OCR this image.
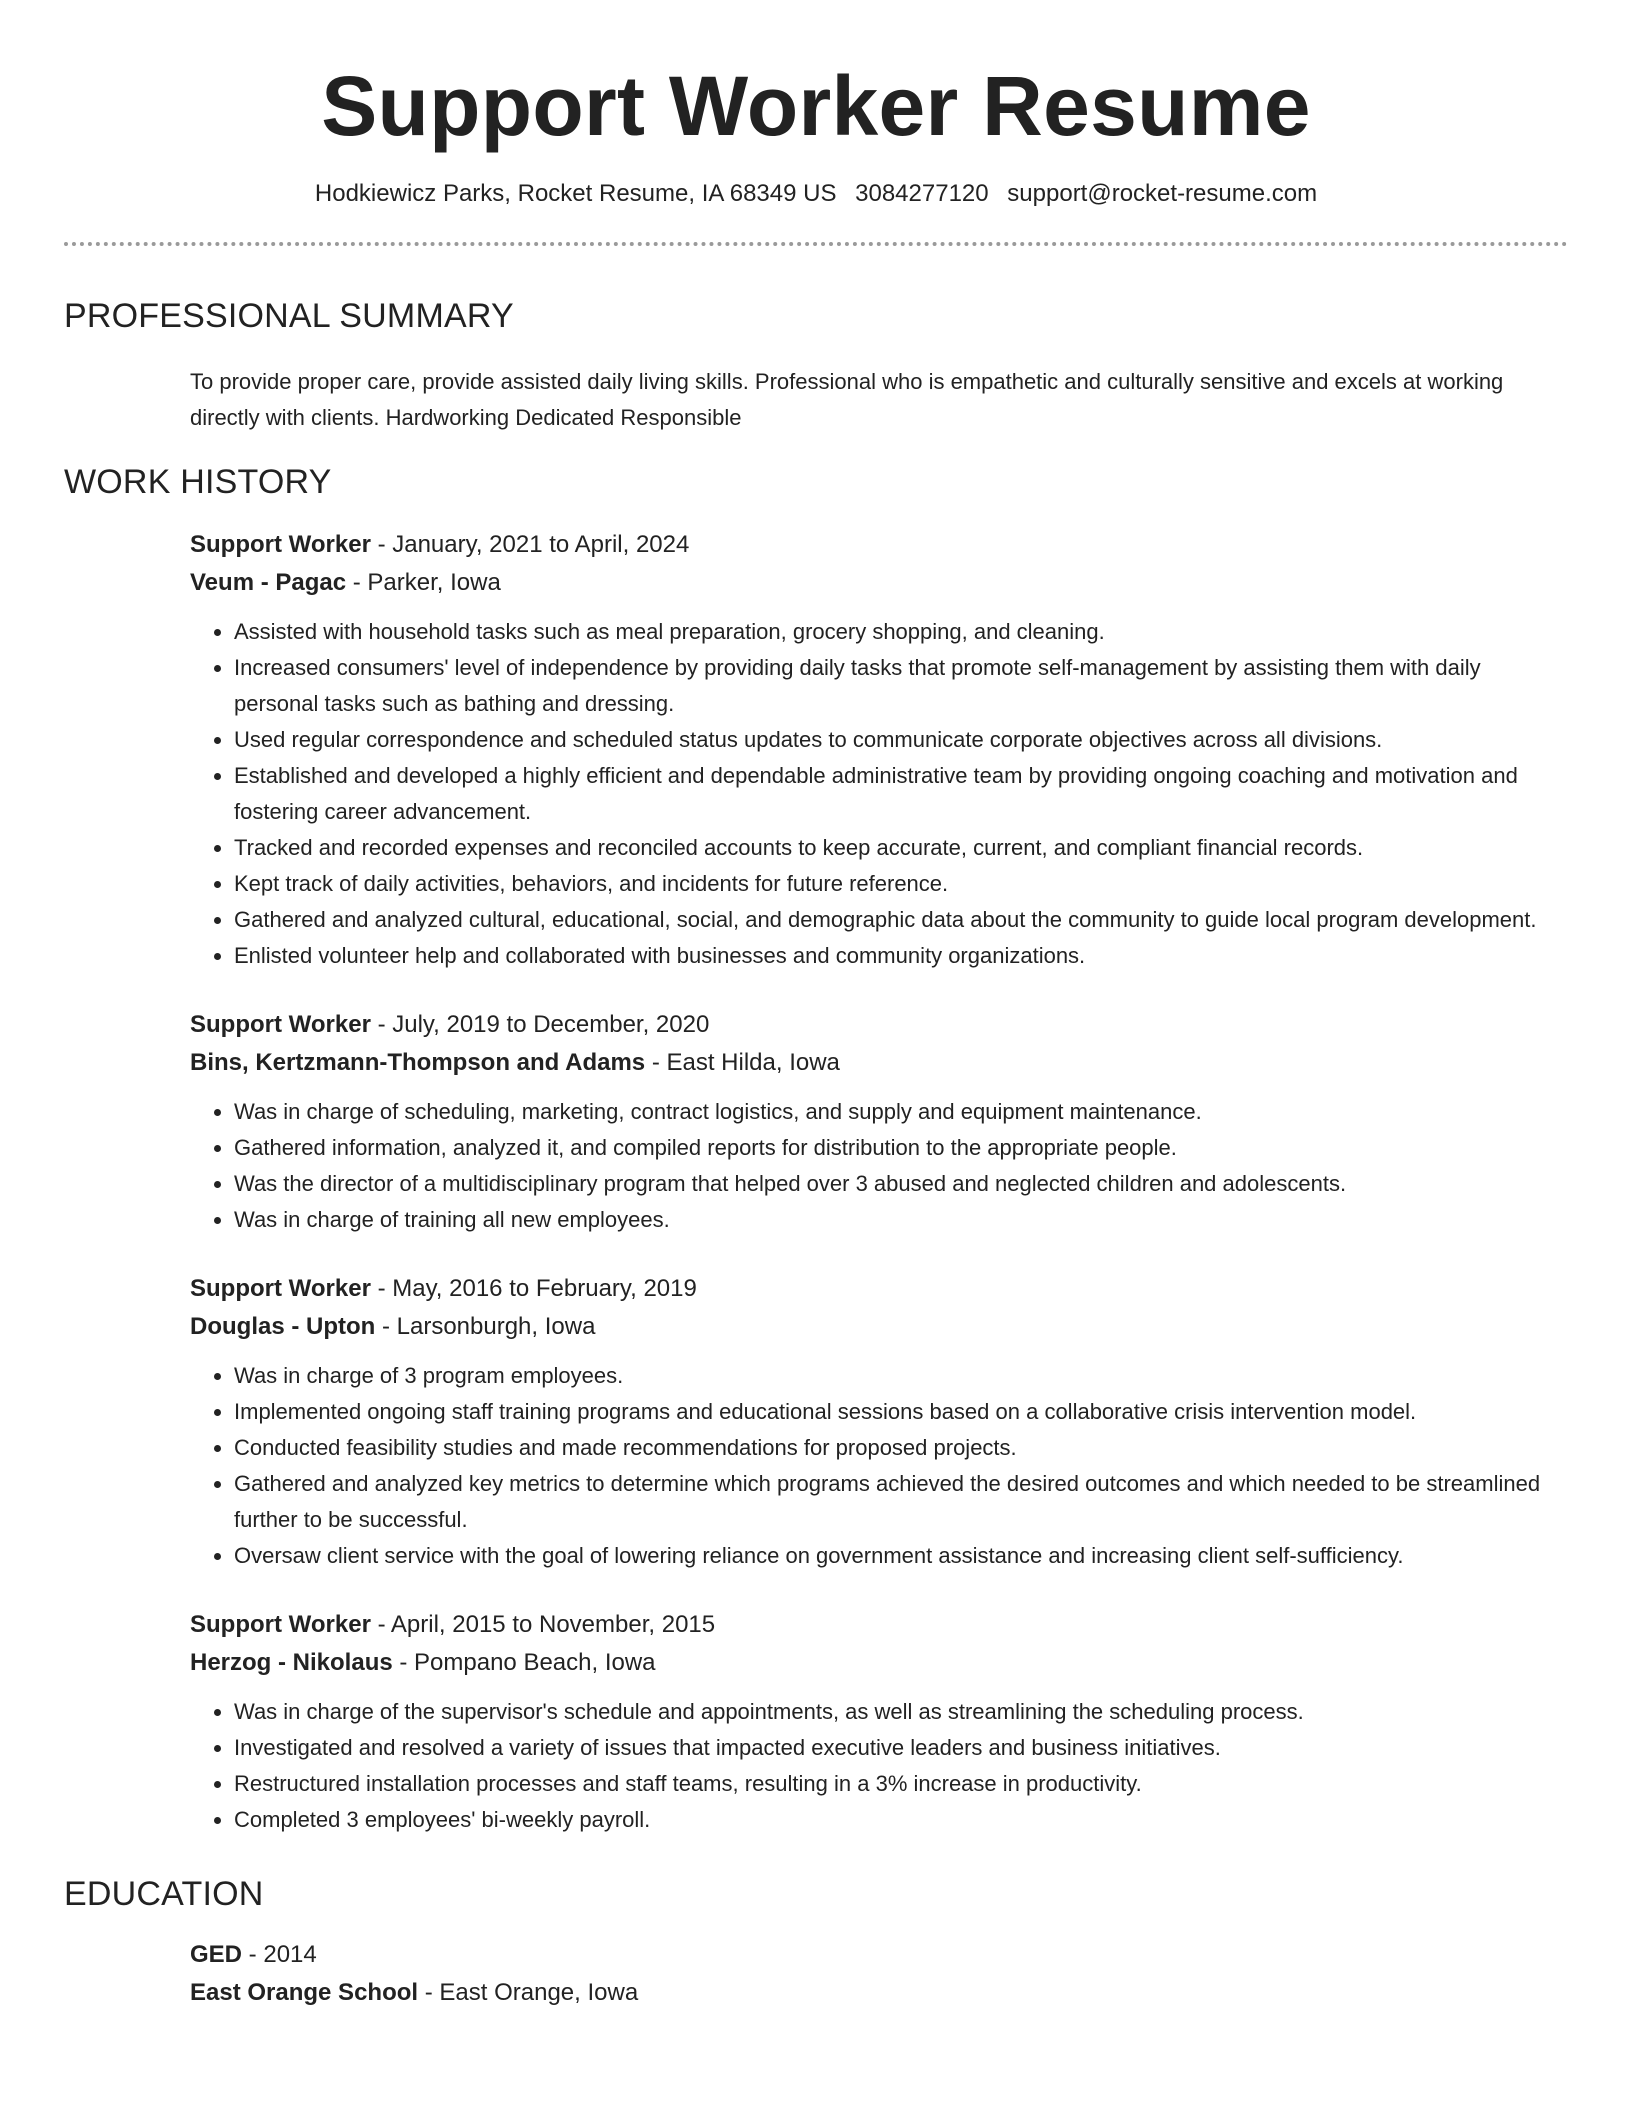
Support Worker Resume
Hodkiewicz Parks, Rocket Resume, IA 68349 US 3084277120 support@rocket-resume.com
PROFESSIONAL SUMMARY
To provide proper care, provide assisted daily living skills. Professional who is empathetic and culturally sensitive and excels at working directly with clients. Hardworking Dedicated Responsible
WORK HISTORY
Support Worker - January, 2021 to April, 2024
Veum - Pagac - Parker, Iowa
• Assisted with household tasks such as meal preparation, grocery shopping, and cleaning.
• Increased consumers' level of independence by providing daily tasks that promote self-management by assisting them with daily personal tasks such as bathing and dressing.
• Used regular correspondence and scheduled status updates to communicate corporate objectives across all divisions.
• Established and developed a highly efficient and dependable administrative team by providing ongoing coaching and motivation and fostering career advancement.
• Tracked and recorded expenses and reconciled accounts to keep accurate, current, and compliant financial records.
• Kept track of daily activities, behaviors, and incidents for future reference.
• Gathered and analyzed cultural, educational, social, and demographic data about the community to guide local program development.
• Enlisted volunteer help and collaborated with businesses and community organizations.
Support Worker - July, 2019 to December, 2020
Bins, Kertzmann-Thompson and Adams - East Hilda, Iowa
• Was in charge of scheduling, marketing, contract logistics, and supply and equipment maintenance.
• Gathered information, analyzed it, and compiled reports for distribution to the appropriate people.
• Was the director of a multidisciplinary program that helped over 3 abused and neglected children and adolescents.
• Was in charge of training all new employees.
Support Worker - May, 2016 to February, 2019
Douglas - Upton - Larsonburgh, Iowa
• Was in charge of 3 program employees.
• Implemented ongoing staff training programs and educational sessions based on a collaborative crisis intervention model.
• Conducted feasibility studies and made recommendations for proposed projects.
• Gathered and analyzed key metrics to determine which programs achieved the desired outcomes and which needed to be streamlined further to be successful.
• Oversaw client service with the goal of lowering reliance on government assistance and increasing client self-sufficiency.
Support Worker - April, 2015 to November, 2015
Herzog - Nikolaus - Pompano Beach, Iowa
• Was in charge of the supervisor's schedule and appointments, as well as streamlining the scheduling process.
• Investigated and resolved a variety of issues that impacted executive leaders and business initiatives.
• Restructured installation processes and staff teams, resulting in a 3% increase in productivity.
• Completed 3 employees' bi-weekly payroll.
EDUCATION
GED - 2014
East Orange School - East Orange, Iowa
